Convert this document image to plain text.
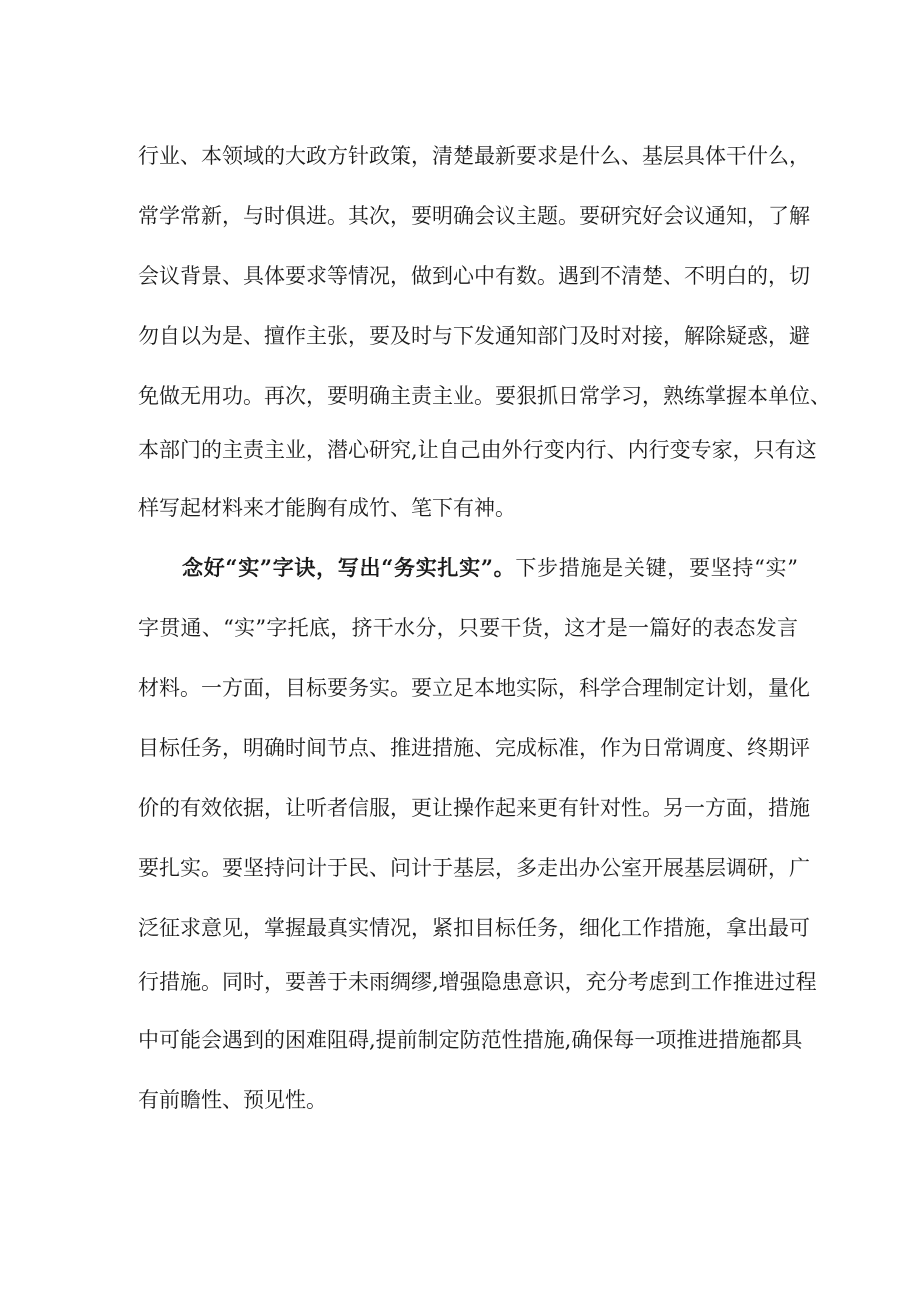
行业、本领域的大政方针政策，清楚最新要求是什么、基层具体干什么，
常学常新，与时俱进。其次，要明确会议主题。要研究好会议通知，了解
会议背景、具体要求等情况，做到心中有数。遇到不清楚、不明白的，切
勿自以为是、擅作主张，要及时与下发通知部门及时对接，解除疑惑，避
免做无用功。再次，要明确主责主业。要狠抓日常学习，熟练掌握本单位、
本部门的主责主业，潜心研究,让自己由外行变内行、内行变专家，只有这
样写起材料来才能胸有成竹、笔下有神。
念好“实”字诀，写出“务实扎实”。下步措施是关键，要坚持“实”
字贯通、“实”字托底，挤干水分，只要干货，这才是一篇好的表态发言
材料。一方面，目标要务实。要立足本地实际，科学合理制定计划，量化
目标任务，明确时间节点、推进措施、完成标准，作为日常调度、终期评
价的有效依据，让听者信服，更让操作起来更有针对性。另一方面，措施
要扎实。要坚持问计于民、问计于基层，多走出办公室开展基层调研，广
泛征求意见，掌握最真实情况，紧扣目标任务，细化工作措施，拿出最可
行措施。同时，要善于未雨绸缪,增强隐患意识，充分考虑到工作推进过程
中可能会遇到的困难阻碍,提前制定防范性措施,确保每一项推进措施都具
有前瞻性、预见性。
